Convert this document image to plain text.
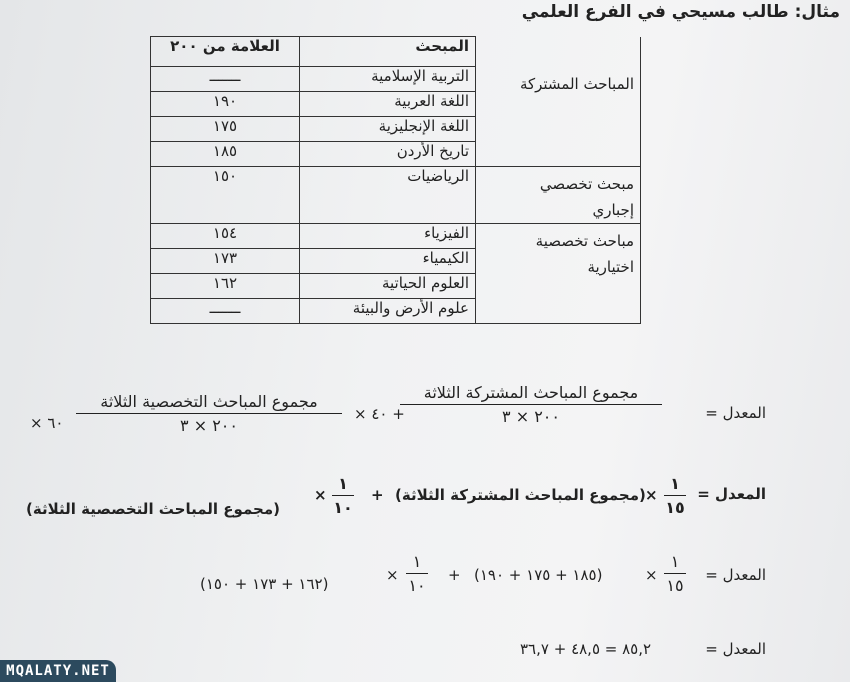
مثال: طالب مسيحي في الفرع العلمي
	المبحث	العلامة من ٢٠٠
المباحث المشتركة	التربية الإسلامية	ـــــــ
	اللغة العربية	١٩٠
	اللغة الإنجليزية	١٧٥
	تاريخ الأردن	١٨٥

مبحث تخصصي
إجباري	الرياضيات	١٥٠

مباحث تخصصية
اختيارية	الفيزياء	١٥٤
	الكيمياء	١٧٣
	العلوم الحياتية	١٦٢
	علوم الأرض والبيئة	ـــــــ
المعدل =
مجموع المباحث المشتركة الثلاثة
٢٠٠ × ٣
+ ٤٠ ×
مجموع المباحث التخصصية الثلاثة
٢٠٠ × ٣
٦٠ ×
المعدل =
١
١٥
×
(مجموع المباحث المشتركة الثلاثة)
+
١
١٠
×
(مجموع المباحث التخصصية الثلاثة)
المعدل =
١
١٥
×
(١٨٥ + ١٧٥ + ١٩٠)
+
١
١٠
×
(١٦٢ + ١٧٣ + ١٥٠)
المعدل =
٨٥,٢ = ٤٨,٥ + ٣٦,٧
MQALATY.NET
